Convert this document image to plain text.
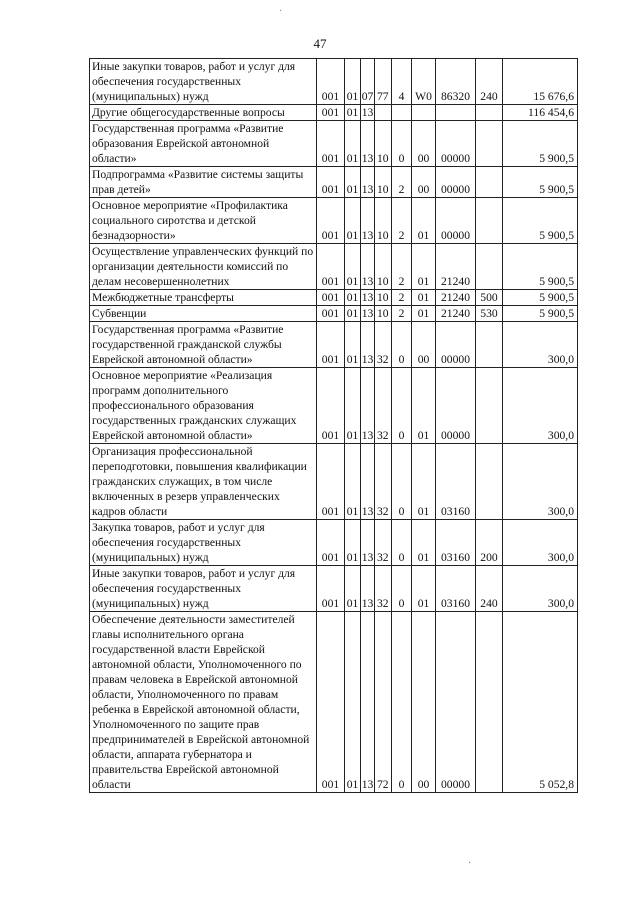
47
·
·
Иные закупки товаров, работ и услуг для обеспечения государственных (муниципальных) нужд	001	01	07	77	4	W0	86320	240	15 676,6
Другие общегосударственные вопросы	001	01	13						116 454,6
Государственная программа «Развитие образования Еврейской автономной области»	001	01	13	10	0	00	00000		5 900,5
Подпрограмма «Развитие системы защиты прав детей»	001	01	13	10	2	00	00000		5 900,5
Основное мероприятие «Профилактика социального сиротства и детской безнадзорности»	001	01	13	10	2	01	00000		5 900,5
Осуществление управленческих функций по организации деятельности комиссий по делам несовершеннолетних	001	01	13	10	2	01	21240		5 900,5
Межбюджетные трансферты	001	01	13	10	2	01	21240	500	5 900,5
Субвенции	001	01	13	10	2	01	21240	530	5 900,5
Государственная программа «Развитие государственной гражданской службы Еврейской автономной области»	001	01	13	32	0	00	00000		300,0
Основное мероприятие «Реализация программ дополнительного профессионального образования государственных гражданских служащих Еврейской автономной области»	001	01	13	32	0	01	00000		300,0
Организация профессиональной переподготовки, повышения квалификации гражданских служащих, в том числе включенных в резерв управленческих кадров области	001	01	13	32	0	01	03160		300,0
Закупка товаров, работ и услуг для обеспечения государственных (муниципальных) нужд	001	01	13	32	0	01	03160	200	300,0
Иные закупки товаров, работ и услуг для обеспечения государственных (муниципальных) нужд	001	01	13	32	0	01	03160	240	300,0
Обеспечение деятельности заместителей главы исполнительного органа государственной власти Еврейской автономной области, Уполномоченного по правам человека в Еврейской автономной области, Уполномоченного по правам ребенка в Еврейской автономной области, Уполномоченного по защите прав предпринимателей в Еврейской автономной области, аппарата губернатора и правительства Еврейской автономной области	001	01	13	72	0	00	00000		5 052,8
